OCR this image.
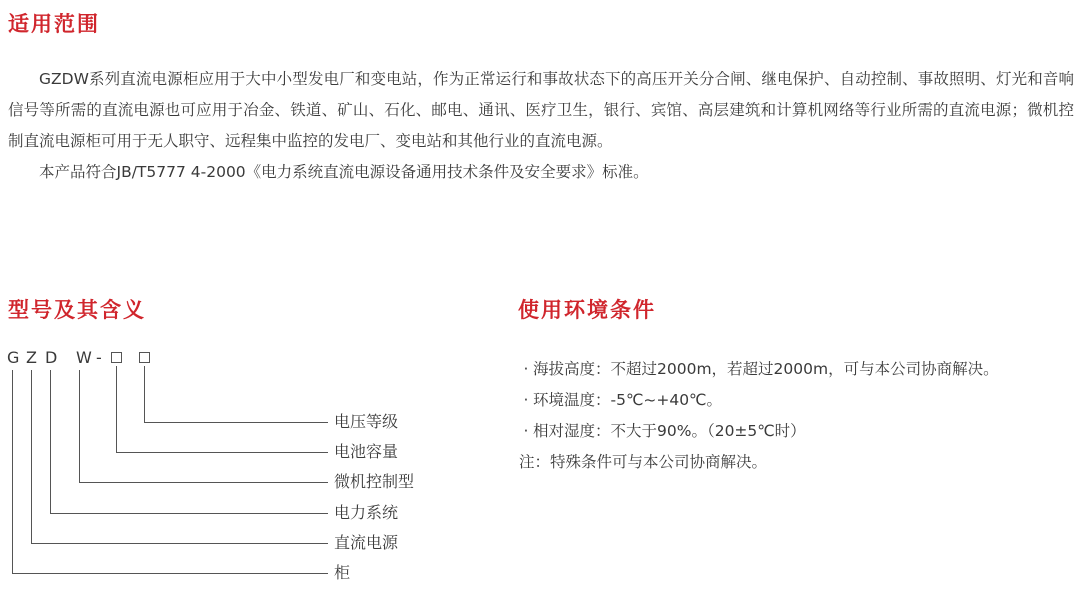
适用范围

GZDW系列直流电源柜应用于大中小型发电厂和变电站，作为正常运行和事故状态下的高压开关分合闸、继电保护、自动控制、事故照明、灯光和音响信号等所需的直流电源也可应用于冶金、铁道、矿山、石化、邮电、通讯、医疗卫生，银行、宾馆、高层建筑和计算机网络等行业所需的直流电源；微机控制直流电源柜可用于无人职守、远程集中监控的发电厂、变电站和其他行业的直流电源。

本产品符合JB/T5777 4-2000《电力系统直流电源设备通用技术条件及安全要求》标准。

型号及其含义
G Z D W -
电压等级
电池容量
微机控制型
电力系统
直流电源
柜
使用环境条件
· 海拔高度：不超过2000m，若超过2000m，可与本公司协商解决。
· 环境温度：-5℃~+40℃。
· 相对湿度：不大于90%。（20±5℃时）
注：特殊条件可与本公司协商解决。
